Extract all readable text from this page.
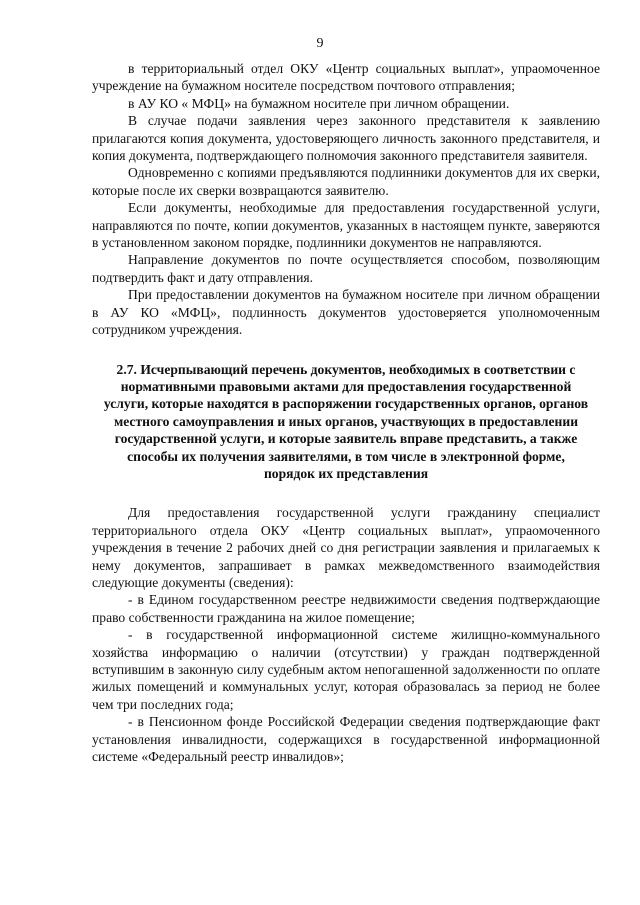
9

в территориальный отдел ОКУ «Центр социальных выплат», упраомоченное учреждение на бумажном носителе посредством почтового отправления;

в АУ КО « МФЦ» на бумажном носителе при личном обращении.

В случае подачи заявления через законного представителя к заявлению прилагаются копия документа, удостоверяющего личность законного представителя, и копия документа, подтверждающего полномочия законного представителя заявителя.

Одновременно с копиями предъявляются подлинники документов для их сверки, которые после их сверки возвращаются заявителю.

Если документы, необходимые для предоставления государственной услуги, направляются по почте, копии документов, указанных в настоящем пункте, заверяются в установленном законом порядке, подлинники документов не направляются.

Направление документов по почте осуществляется способом, позволяющим подтвердить факт и дату отправления.

При предоставлении документов на бумажном носителе при личном обращении в АУ КО «МФЦ», подлинность документов удостоверяется уполномоченным сотрудником учреждения.

2.7. Исчерпывающий перечень документов, необходимых в соответствии с нормативными правовыми актами для предоставления государственной услуги, которые находятся в распоряжении государственных органов, органов местного самоуправления и иных органов, участвующих в предоставлении государственной услуги, и которые заявитель вправе представить, а также способы их получения заявителями, в том числе в электронной форме, порядок их представления

Для предоставления государственной услуги гражданину специалист территориального отдела ОКУ «Центр социальных выплат», упраомоченного учреждения в течение 2 рабочих дней со дня регистрации заявления и прилагаемых к нему документов, запрашивает в рамках межведомственного взаимодействия следующие документы (сведения):

- в Едином государственном реестре недвижимости сведения подтверждающие право собственности гражданина на жилое помещение;

- в государственной информационной системе жилищно-коммунального хозяйства информацию о наличии (отсутствии) у граждан подтвержденной вступившим в законную силу судебным актом непогашенной задолженности по оплате жилых помещений и коммунальных услуг, которая образовалась за период не более чем три последних года;

- в Пенсионном фонде Российской Федерации сведения подтверждающие факт установления инвалидности, содержащихся в государственной информационной системе «Федеральный реестр инвалидов»;
